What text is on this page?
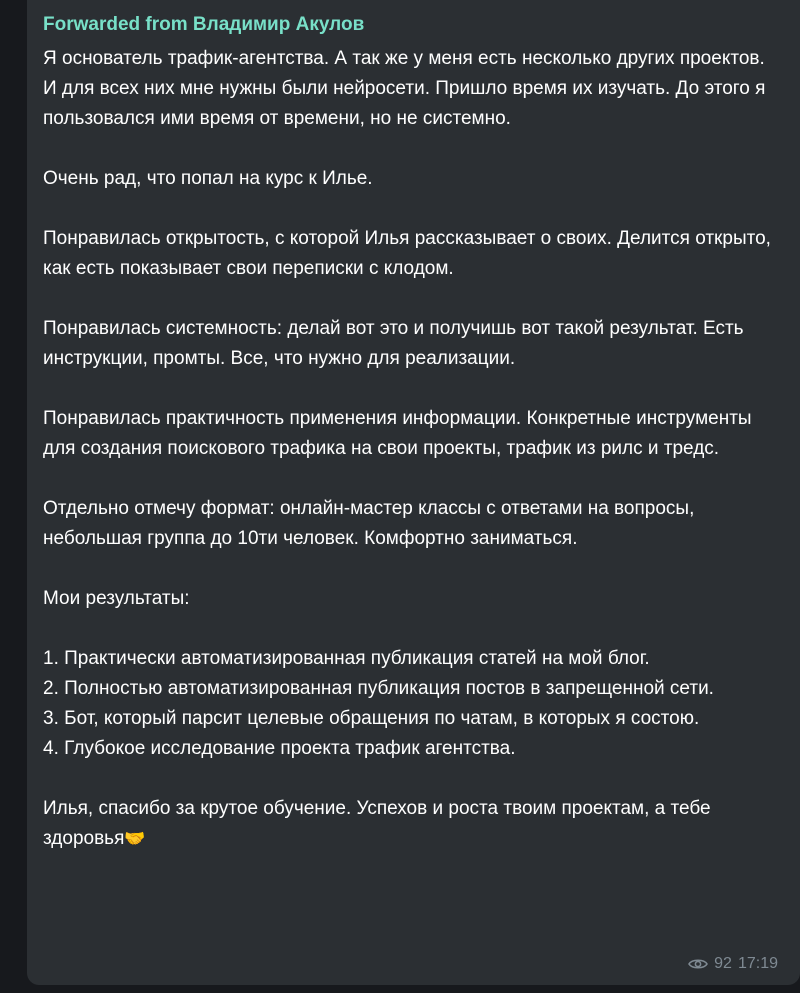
Forwarded from Владимир Акулов

Я основатель трафик-агентства. А так же у меня есть несколько других проектов. И для всех них мне нужны были нейросети. Пришло время их изучать. До этого я пользовался ими время от времени, но не системно.

Очень рад, что попал на курс к Илье.

Понравилась открытость, с которой Илья рассказывает о своих. Делится открыто, как есть показывает свои переписки с клодом.

Понравилась системность: делай вот это и получишь вот такой результат. Есть инструкции, промты. Все, что нужно для реализации.

Понравилась практичность применения информации. Конкретные инструменты для создания поискового трафика на свои проекты, трафик из рилс и тредс.

Отдельно отмечу формат: онлайн-мастер классы с ответами на вопросы, небольшая группа до 10ти человек. Комфортно заниматься.

Мои результаты:

1. Практически автоматизированная публикация статей на мой блог.
2. Полностью автоматизированная публикация постов в запрещенной сети.
3. Бот, который парсит целевые обращения по чатам, в которых я состою.
4. Глубокое исследование проекта трафик агентства.

Илья, спасибо за крутое обучение. Успехов и роста твоим проектам, а тебе здоровья🤝

92 17:19
